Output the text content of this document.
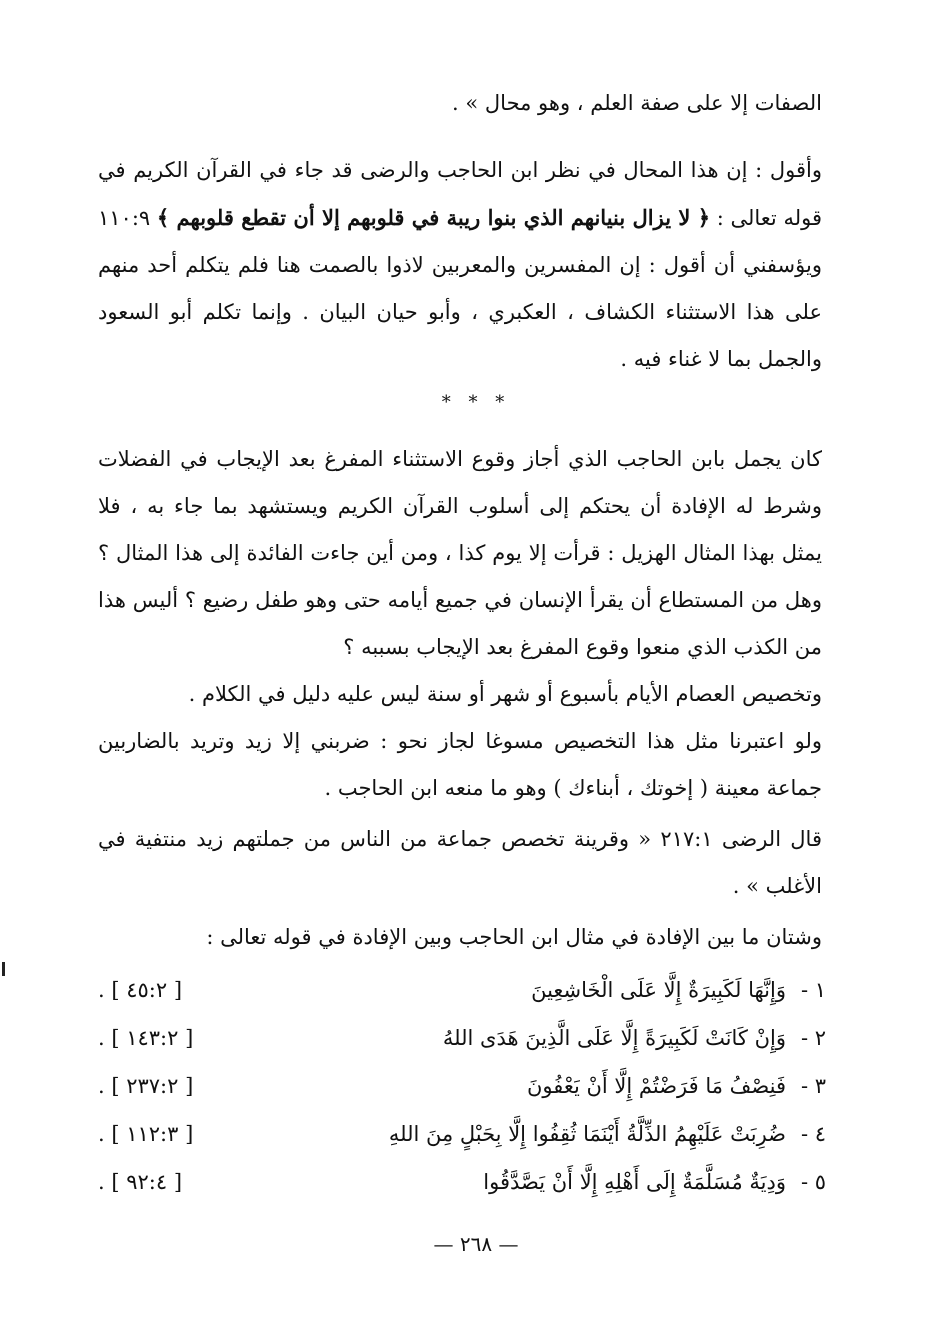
الصفات إلا على صفة العلم ، وهو محال » .

وأقول : إن هذا المحال في نظر ابن الحاجب والرضى قد جاء في القرآن الكريم في قوله تعالى : ﴿ لا يزال بنيانهم الذي بنوا ريبة في قلوبهم إلا أن تقطع قلوبهم ﴾ ١١٠:٩ ويؤسفني أن أقول : إن المفسرين والمعربين لاذوا بالصمت هنا فلم يتكلم أحد منهم على هذا الاستثناء الكشاف ، العكبري ، وأبو حيان البيان . وإنما تكلم أبو السعود والجمل بما لا غناء فيه .

* * *

كان يجمل بابن الحاجب الذي أجاز وقوع الاستثناء المفرغ بعد الإيجاب في الفضلات وشرط له الإفادة أن يحتكم إلى أسلوب القرآن الكريم ويستشهد بما جاء به ، فلا يمثل بهذا المثال الهزيل : قرأت إلا يوم كذا ، ومن أين جاءت الفائدة إلى هذا المثال ؟ وهل من المستطاع أن يقرأ الإنسان في جميع أيامه حتى وهو طفل رضيع ؟ أليس هذا من الكذب الذي منعوا وقوع المفرغ بعد الإيجاب بسببه ؟

وتخصيص العصام الأيام بأسبوع أو شهر أو سنة ليس عليه دليل في الكلام .

ولو اعتبرنا مثل هذا التخصيص مسوغا لجاز نحو : ضربني إلا زيد وتريد بالضاربين جماعة معينة ( إخوتك ، أبناءك ) وهو ما منعه ابن الحاجب .

قال الرضى ٢١٧:١ « وقرينة تخصص جماعة من الناس من جملتهم زيد منتفية في الأغلب » .

وشتان ما بين الإفادة في مثال ابن الحاجب وبين الإفادة في قوله تعالى :

١ -
وَإِنَّهَا لَكَبِيرَةٌ إِلَّا عَلَى الْخَاشِعِينَ
. [ ٤٥:٢ ]
٢ -
وَإِنْ كَانَتْ لَكَبِيرَةً إِلَّا عَلَى الَّذِينَ هَدَى اللهُ
. [ ١٤٣:٢ ]
٣ -
فَنِصْفُ مَا فَرَضْتُمْ إِلَّا أَنْ يَعْفُونَ
. [ ٢٣٧:٢ ]
٤ -
ضُرِبَتْ عَلَيْهِمُ الذِّلَّةُ أَيْنَمَا ثُقِفُوا إِلَّا بِحَبْلٍ مِنَ اللهِ
. [ ١١٢:٣ ]
٥ -
وَدِيَةٌ مُسَلَّمَةٌ إِلَى أَهْلِهِ إِلَّا أَنْ يَصَّدَّقُوا
. [ ٩٢:٤ ]
— ٢٦٨ —
